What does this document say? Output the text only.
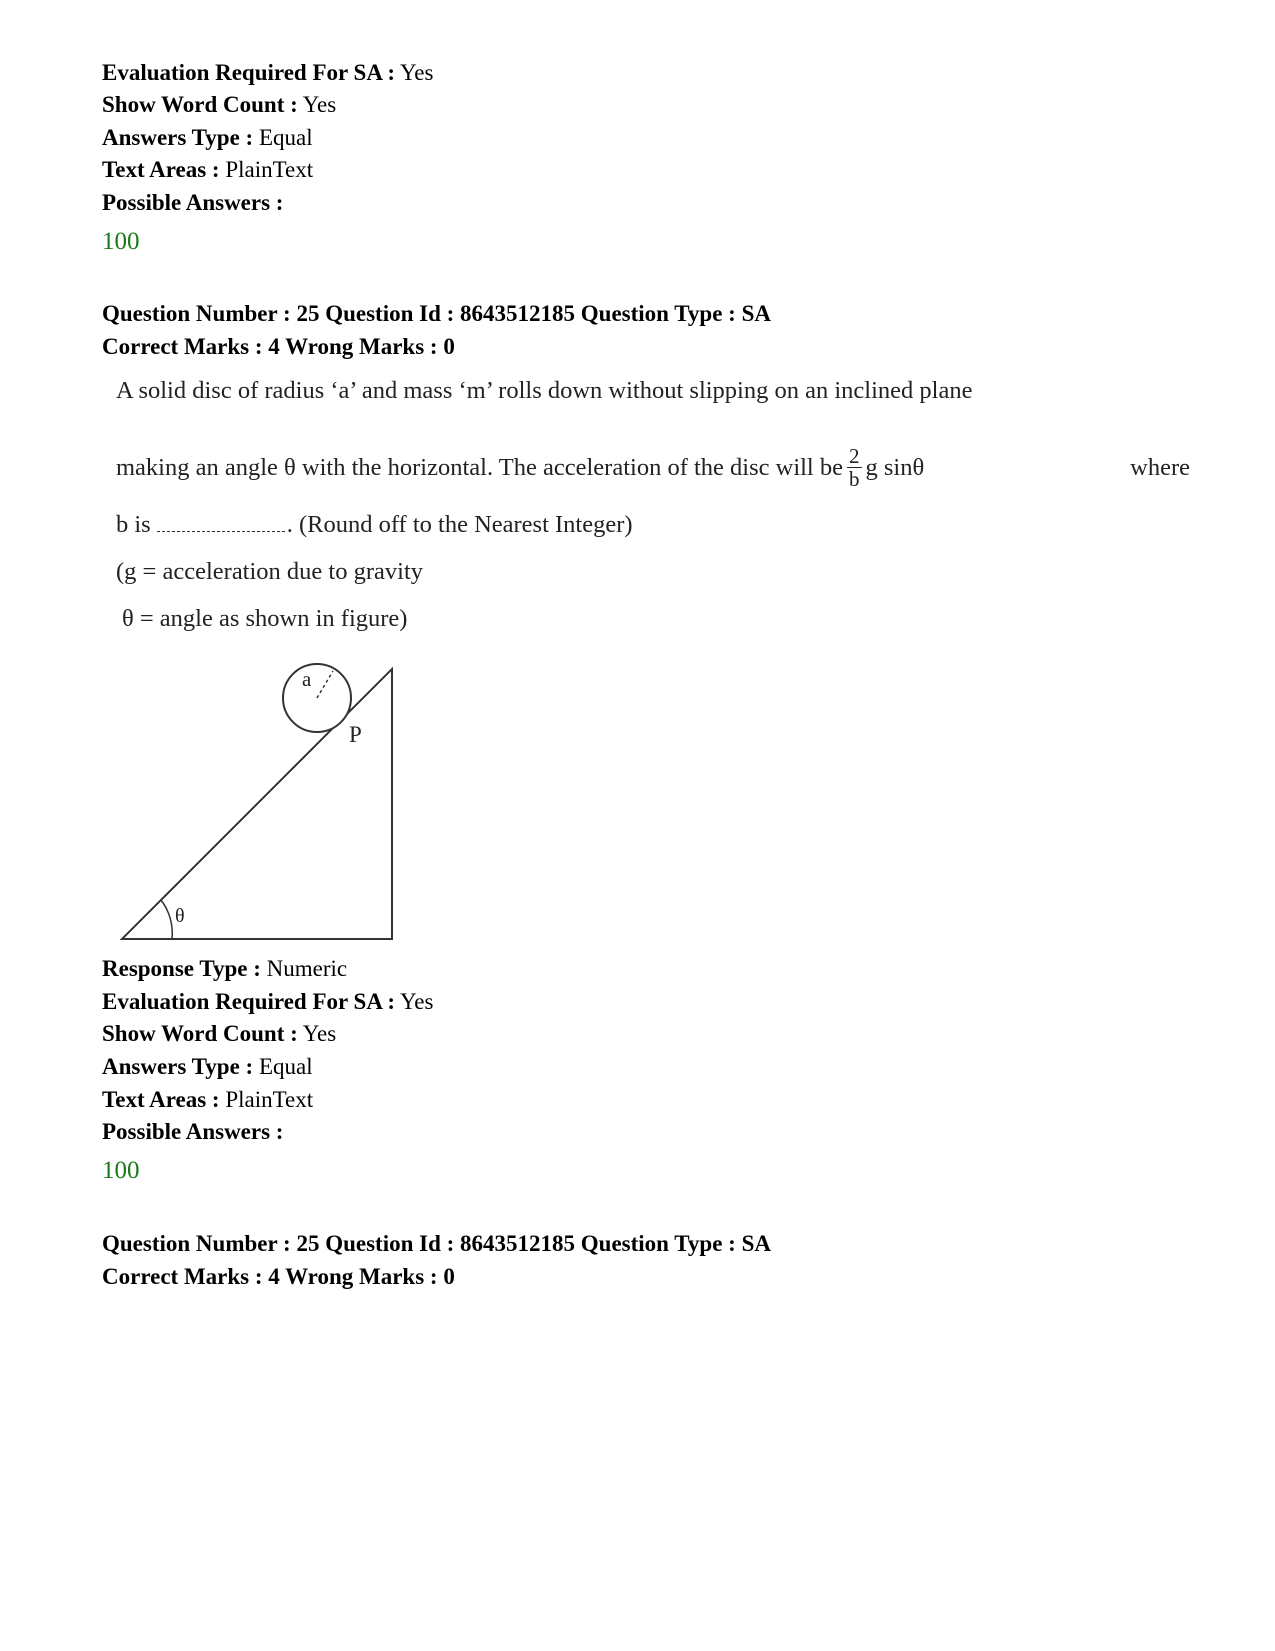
Evaluation Required For SA : Yes
Show Word Count : Yes
Answers Type : Equal
Text Areas : PlainText
Possible Answers :
100
Question Number : 25 Question Id : 8643512185 Question Type : SA
Correct Marks : 4 Wrong Marks : 0
A solid disc of radius ‘a’ and mass ‘m’ rolls down without slipping on an inclined plane
making an angle θ with the horizontal. The acceleration of the disc will be $\frac{2}{b}$ g sinθ	where
b is	. (Round off to the Nearest Integer)
(g = acceleration due to gravity
θ = angle as shown in figure)
a
P
θ
Response Type : Numeric
Evaluation Required For SA : Yes
Show Word Count : Yes
Answers Type : Equal
Text Areas : PlainText
Possible Answers :
100
Question Number : 25 Question Id : 8643512185 Question Type : SA
Correct Marks : 4 Wrong Marks : 0
